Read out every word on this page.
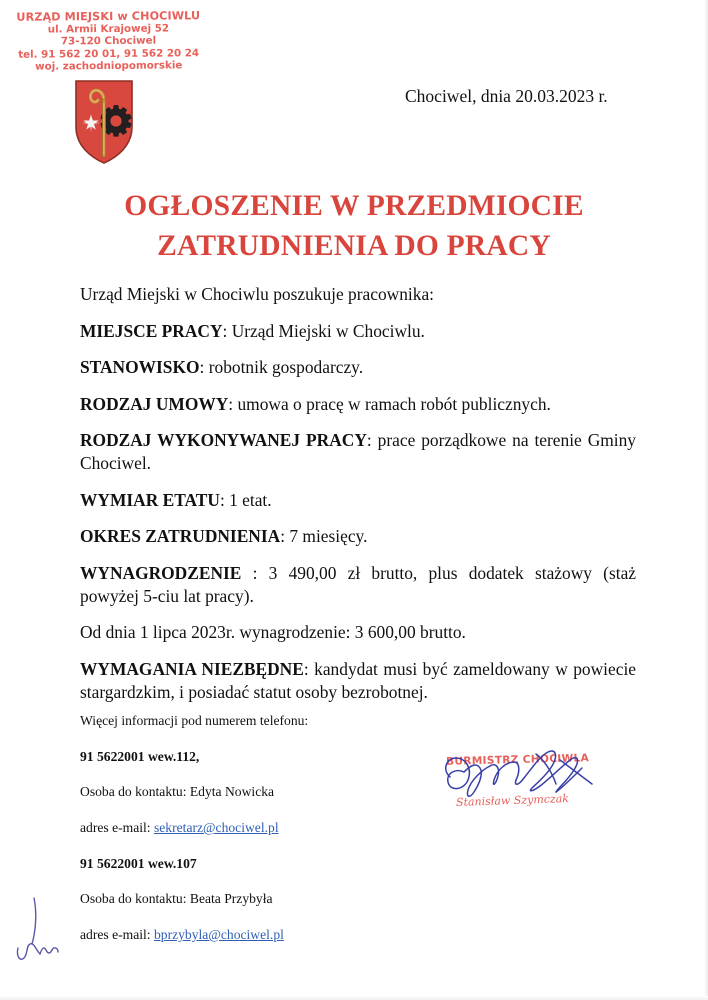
URZĄD MIEJSKI w CHOCIWLU
ul. Armii Krajowej 52
73-120 Chociwel
tel. 91 562 20 01, 91 562 20 24
woj. zachodniopomorskie
Chociwel, dnia 20.03.2023 r.
OGŁOSZENIE W PRZEDMIOCIE
ZATRUDNIENIA DO PRACY

Urząd Miejski w Chociwlu poszukuje pracownika:

MIEJSCE PRACY: Urząd Miejski w Chociwlu.

STANOWISKO: robotnik gospodarczy.

RODZAJ UMOWY: umowa o pracę w ramach robót publicznych.

RODZAJ WYKONYWANEJ PRACY: prace porządkowe na terenie Gminy Chociwel.

WYMIAR ETATU: 1 etat.

OKRES ZATRUDNIENIA: 7 miesięcy.

WYNAGRODZENIE : 3 490,00 zł brutto, plus dodatek stażowy (staż powyżej 5-ciu lat pracy).

Od dnia 1 lipca 2023r. wynagrodzenie: 3 600,00 brutto.

WYMAGANIA NIEZBĘDNE: kandydat musi być zameldowany w powiecie stargardzkim, i posiadać statut osoby bezrobotnej.

Więcej informacji pod numerem telefonu:

91 5622001 wew.112,

Osoba do kontaktu: Edyta Nowicka

adres e-mail: sekretarz@chociwel.pl

91 5622001 wew.107

Osoba do kontaktu: Beata Przybyła

adres e-mail: bprzybyla@chociwel.pl

BURMISTRZ CHOCIWLA
Stanisław Szymczak
